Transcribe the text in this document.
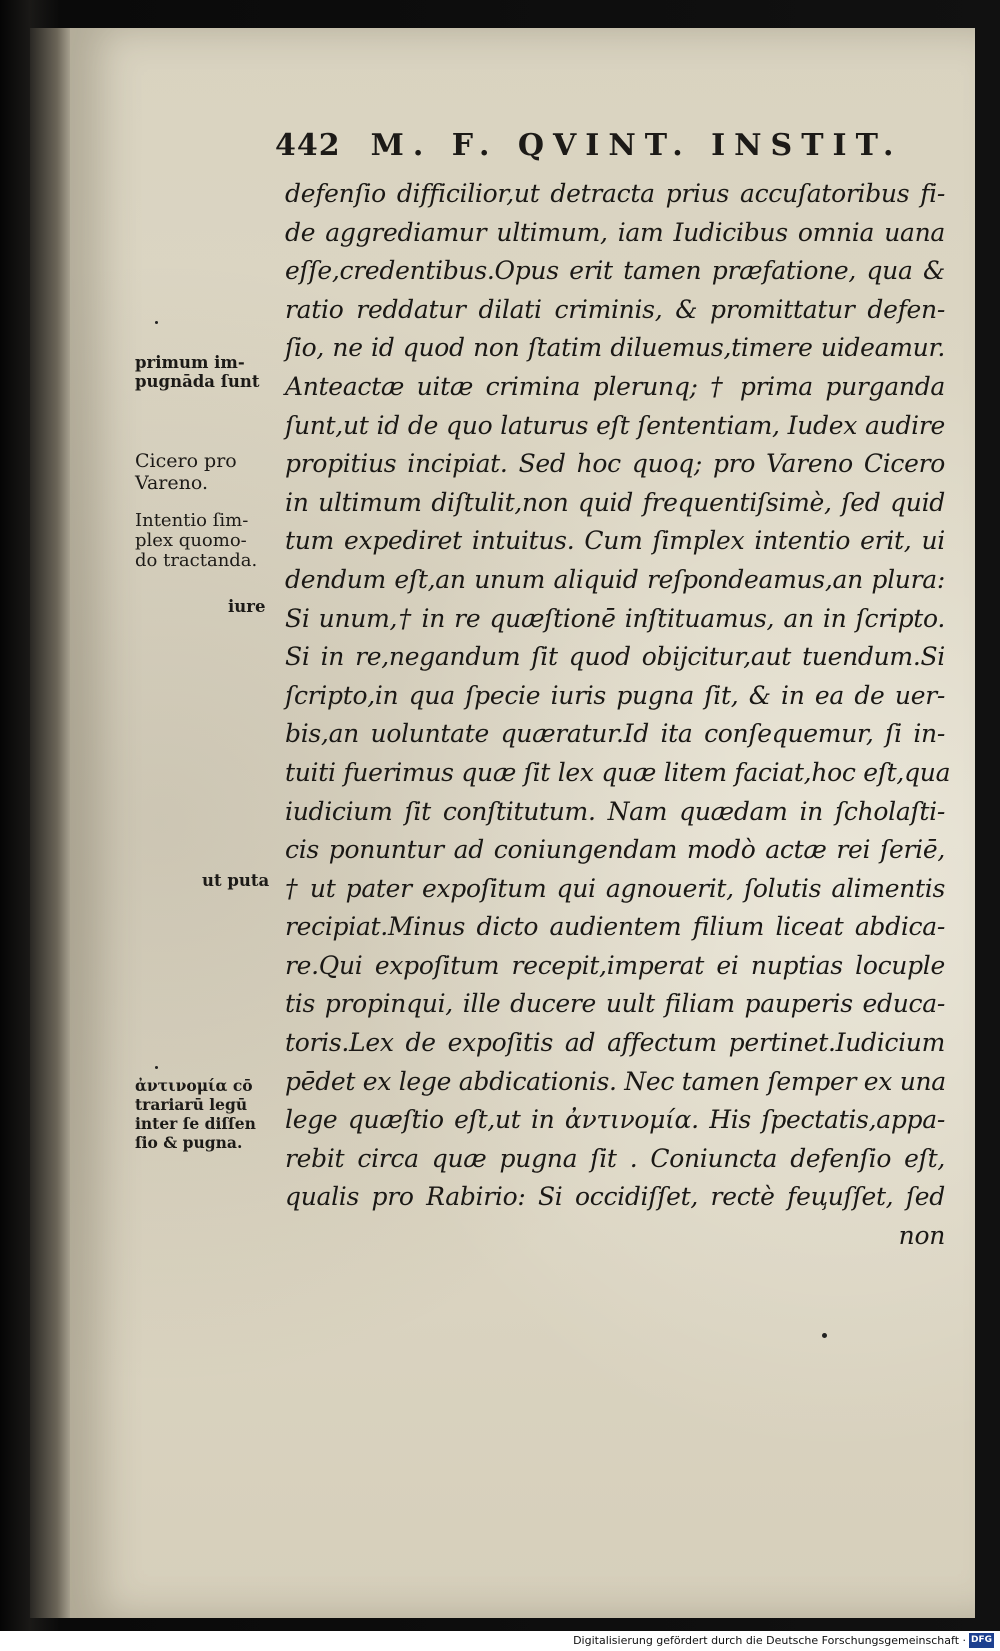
442 M. F. QVINT. INSTIT.
defenſio difficilior,ut detracta prius accuſatoribus fi-
de aggrediamur ultimum, iam Iudicibus omnia uana
eſſe,credentibus.Opus erit tamen præfatione, qua &
ratio reddatur dilati criminis, & promittatur defen-
ſio, ne id quod non ſtatim diluemus,timere uideamur.
Anteactæ uitæ crimina plerunq; † prima purganda
ſunt,ut id de quo laturus eſt ſententiam, Iudex audire
propitius incipiat. Sed hoc quoq; pro Vareno Cicero
in ultimum diſtulit,non quid frequentiſsimè, ſed quid
tum expediret intuitus. Cum ſimplex intentio erit, ui
dendum eſt,an unum aliquid reſpondeamus,an plura:
Si unum,† in re quæſtionē inſtituamus, an in ſcripto.
Si in re,negandum ſit quod obijcitur,aut tuendum.Si
ſcripto,in qua ſpecie iuris pugna ſit, & in ea de uer-
bis,an uoluntate quæratur.Id ita conſequemur, ſi in-
tuiti fuerimus quæ ſit lex quæ litem faciat,hoc eſt,qua
iudicium ſit conſtitutum. Nam quædam in ſcholaſti-
cis ponuntur ad coniungendam modò actæ rei ſeriē,
† ut pater expoſitum qui agnouerit, ſolutis alimentis
recipiat.Minus dicto audientem filium liceat abdica-
re.Qui expoſitum recepit,imperat ei nuptias locuple
tis propinqui, ille ducere uult filiam pauperis educa-
toris.Lex de expoſitis ad affectum pertinet.Iudicium
pēdet ex lege abdicationis. Nec tamen ſemper ex una
lege quæſtio eſt,ut in ἀντινομία. His ſpectatis,appa-
rebit circa quæ pugna ſit . Coniuncta defenſio eſt,
qualis pro Rabirio: Si occidiſſet, rectè fециſſet, ſed
non
primum im-
pugnāda ſunt
Cicero pro
Vareno.
Intentio ſim-
plex quomo-
do tractanda.
iure
ut puta
ἀντινομία cō
trariarū legū
inter ſe diſſen
ſio & pugna.
Digitalisierung gefördert durch die Deutsche Forschungsgemeinschaft · DFG
